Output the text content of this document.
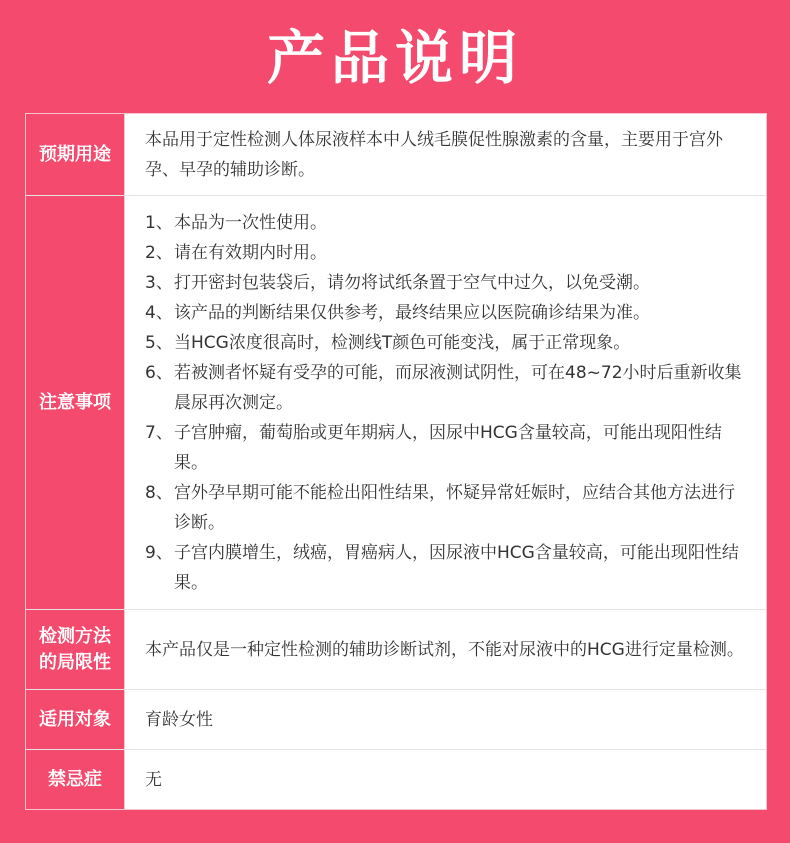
产品说明
预期用途

本品用于定性检测人体尿液样本中人绒毛膜促性腺激素的含量，主要用于宫外孕、早孕的辅助诊断。

注意事项
1、 本品为一次性使用。
2、 请在有效期内时用。
3、 打开密封包装袋后，请勿将试纸条置于空气中过久，以免受潮。
4、 该产品的判断结果仅供参考，最终结果应以医院确诊结果为准。
5、 当HCG浓度很高时，检测线T颜色可能变浅，属于正常现象。
6、 若被测者怀疑有受孕的可能，而尿液测试阴性，可在48~72小时后重新收集晨尿再次测定。
7、 子宫肿瘤，葡萄胎或更年期病人，因尿中HCG含量较高，可能出现阳性结果。
8、 宫外孕早期可能不能检出阳性结果，怀疑异常妊娠时，应结合其他方法进行诊断。
9、 子宫内膜增生，绒癌，胃癌病人，因尿液中HCG含量较高，可能出现阳性结果。
检测方法
的局限性

本产品仅是一种定性检测的辅助诊断试剂，不能对尿液中的HCG进行定量检测。

适用对象	育龄女性

禁忌症	无
